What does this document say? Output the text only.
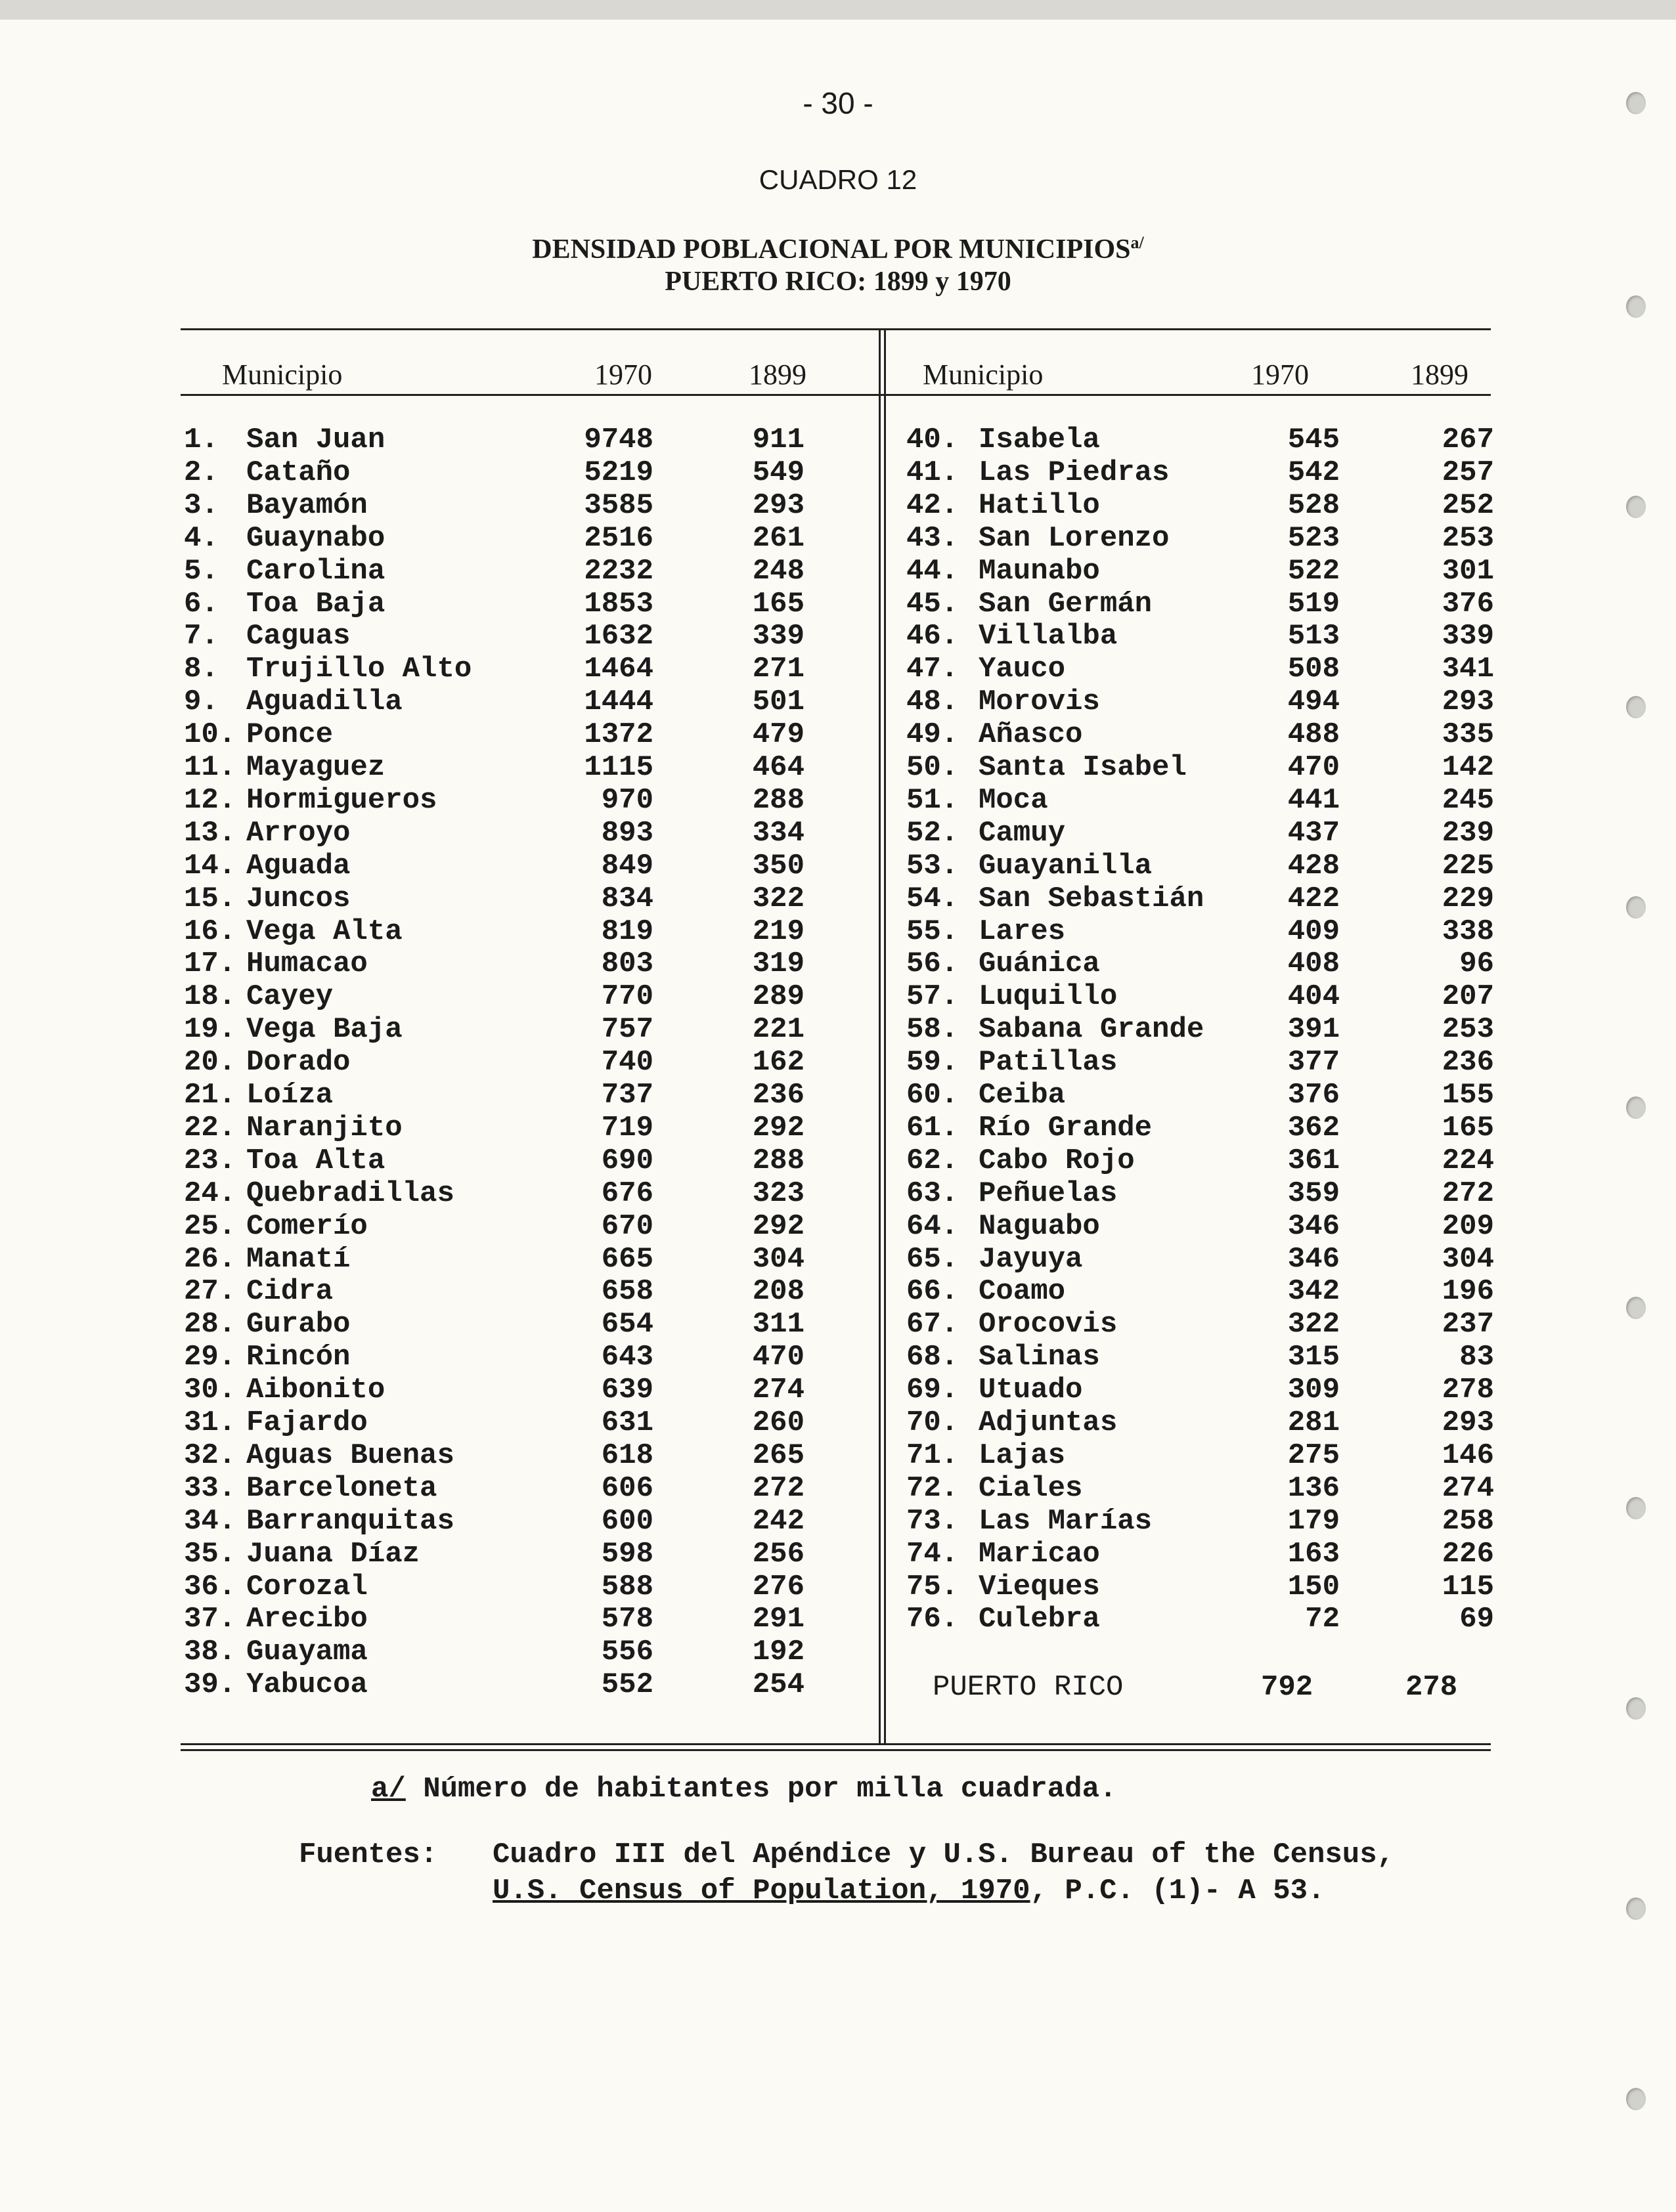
- 30 -
CUADRO 12
DENSIDAD POBLACIONAL POR $MUNICIPIOS^{a/}$
PUERTO RICO: 1899 y 1970
Municipio	1970	1899	Municipio	1970	1899
1. San Juan	9748	911
2. Cataño	5219	549
3. Bayamón	3585	293
4. Guaynabo	2516	261
5. Carolina	2232	248
6. Toa Baja	1853	165
7. Caguas	1632	339
8. Trujillo Alto	1464	271
9. Aguadilla	1444	501
10. Ponce	1372	479
11. Mayaguez	1115	464
12. Hormigueros	970	288
13. Arroyo	893	334
14. Aguada	849	350
15. Juncos	834	322
16. Vega Alta	819	219
17. Humacao	803	319
18. Cayey	770	289
19. Vega Baja	757	221
20. Dorado	740	162
21. Loíza	737	236
22. Naranjito	719	292
23. Toa Alta	690	288
24. Quebradillas	676	323
25. Comerío	670	292
26. Manatí	665	304
27. Cidra	658	208
28. Gurabo	654	311
29. Rincón	643	470
30. Aibonito	639	274
31. Fajardo	631	260
32. Aguas Buenas	618	265
33. Barceloneta	606	272
34. Barranquitas	600	242
35. Juana Díaz	598	256
36. Corozal	588	276
37. Arecibo	578	291
38. Guayama	556	192
39. Yabucoa	552	254
40. Isabela	545	267
41. Las Piedras	542	257
42. Hatillo	528	252
43. San Lorenzo	523	253
44. Maunabo	522	301
45. San Germán	519	376
46. Villalba	513	339
47. Yauco	508	341
48. Morovis	494	293
49. Añasco	488	335
50. Santa Isabel	470	142
51. Moca	441	245
52. Camuy	437	239
53. Guayanilla	428	225
54. San Sebastián	422	229
55. Lares	409	338
56. Guánica	408	96
57. Luquillo	404	207
58. Sabana Grande	391	253
59. Patillas	377	236
60. Ceiba	376	155
61. Río Grande	362	165
62. Cabo Rojo	361	224
63. Peñuelas	359	272
64. Naguabo	346	209
65. Jayuya	346	304
66. Coamo	342	196
67. Orocovis	322	237
68. Salinas	315	83
69. Utuado	309	278
70. Adjuntas	281	293
71. Lajas	275	146
72. Ciales	136	274
73. Las Marías	179	258
74. Maricao	163	226
75. Vieques	150	115
76. Culebra	72	69
PUERTO RICO	792	278
a/ Número de habitantes por milla cuadrada.
Fuentes: Cuadro III del Apéndice y U.S. Bureau of the Census,
U.S. Census of Population, 1970, P.C. (1)- A 53.
